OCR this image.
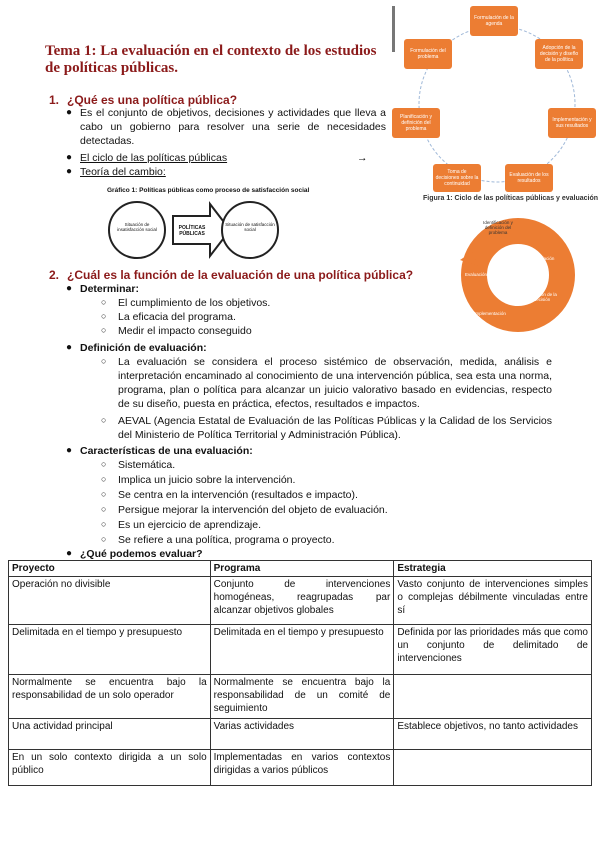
Tema 1: La evaluación en el contexto de los estudios de políticas públicas.
1. ¿Qué es una política pública?
● Es el conjunto de objetivos, decisiones y actividades que lleva a cabo un gobierno para resolver una serie de necesidades detectadas.
● El ciclo de las políticas públicas	→
● Teoría del cambio:
Gráfico 1: Políticas públicas como proceso de satisfacción social
Situación de insatisfacción social	POLÍTICAS PÚBLICAS
Situación de satisfacción social
Formulación de la agenda
Adopción de la decisión y diseño de la política
Implementación y sus resultados
Evaluación de los resultados
Toma de decisiones sobre la continuidad
Planificación y definición del problema
Formulación del problema
Figura 1: Ciclo de las políticas públicas y evaluación
Identificación y definición del problema
Formulación
Adopción de la decisión
Implementación
Evaluación
2. ¿Cuál es la función de la evaluación de una política pública?
● Determinar:
○ El cumplimiento de los objetivos.
○ La eficacia del programa.
○ Medir el impacto conseguido
● Definición de evaluación:
○ La evaluación se considera el proceso sistémico de observación, medida, análisis e interpretación encaminado al conocimiento de una intervención pública, sea esta una norma, programa, plan o política para alcanzar un juicio valorativo basado en evidencias, respecto de su diseño, puesta en práctica, efectos, resultados e impactos.
○ AEVAL (Agencia Estatal de Evaluación de las Políticas Públicas y la Calidad de los Servicios del Ministerio de Política Territorial y Administración Pública).
● Características de una evaluación:
○ Sistemática.
○ Implica un juicio sobre la intervención.
○ Se centra en la intervención (resultados e impacto).
○ Persigue mejorar la intervención del objeto de evaluación.
○ Es un ejercicio de aprendizaje.
○ Se refiere a una política, programa o proyecto.
● ¿Qué podemos evaluar?
Proyecto	Programa	Estrategia
Operación no divisible	Conjunto de intervenciones homogéneas, reagrupadas par alcanzar objetivos globales	Vasto conjunto de intervenciones simples o complejas débilmente vinculadas entre sí
Delimitada en el tiempo y presupuesto	Delimitada en el tiempo y presupuesto	Definida por las prioridades más que como un conjunto de delimitado de intervenciones
Normalmente se encuentra bajo la responsabilidad de un solo operador	Normalmente se encuentra bajo la responsabilidad de un comité de seguimiento	
Una actividad principal	Varias actividades	Establece objetivos, no tanto actividades
En un solo contexto dirigida a un solo público	Implementadas en varios contextos dirigidas a varios públicos	
